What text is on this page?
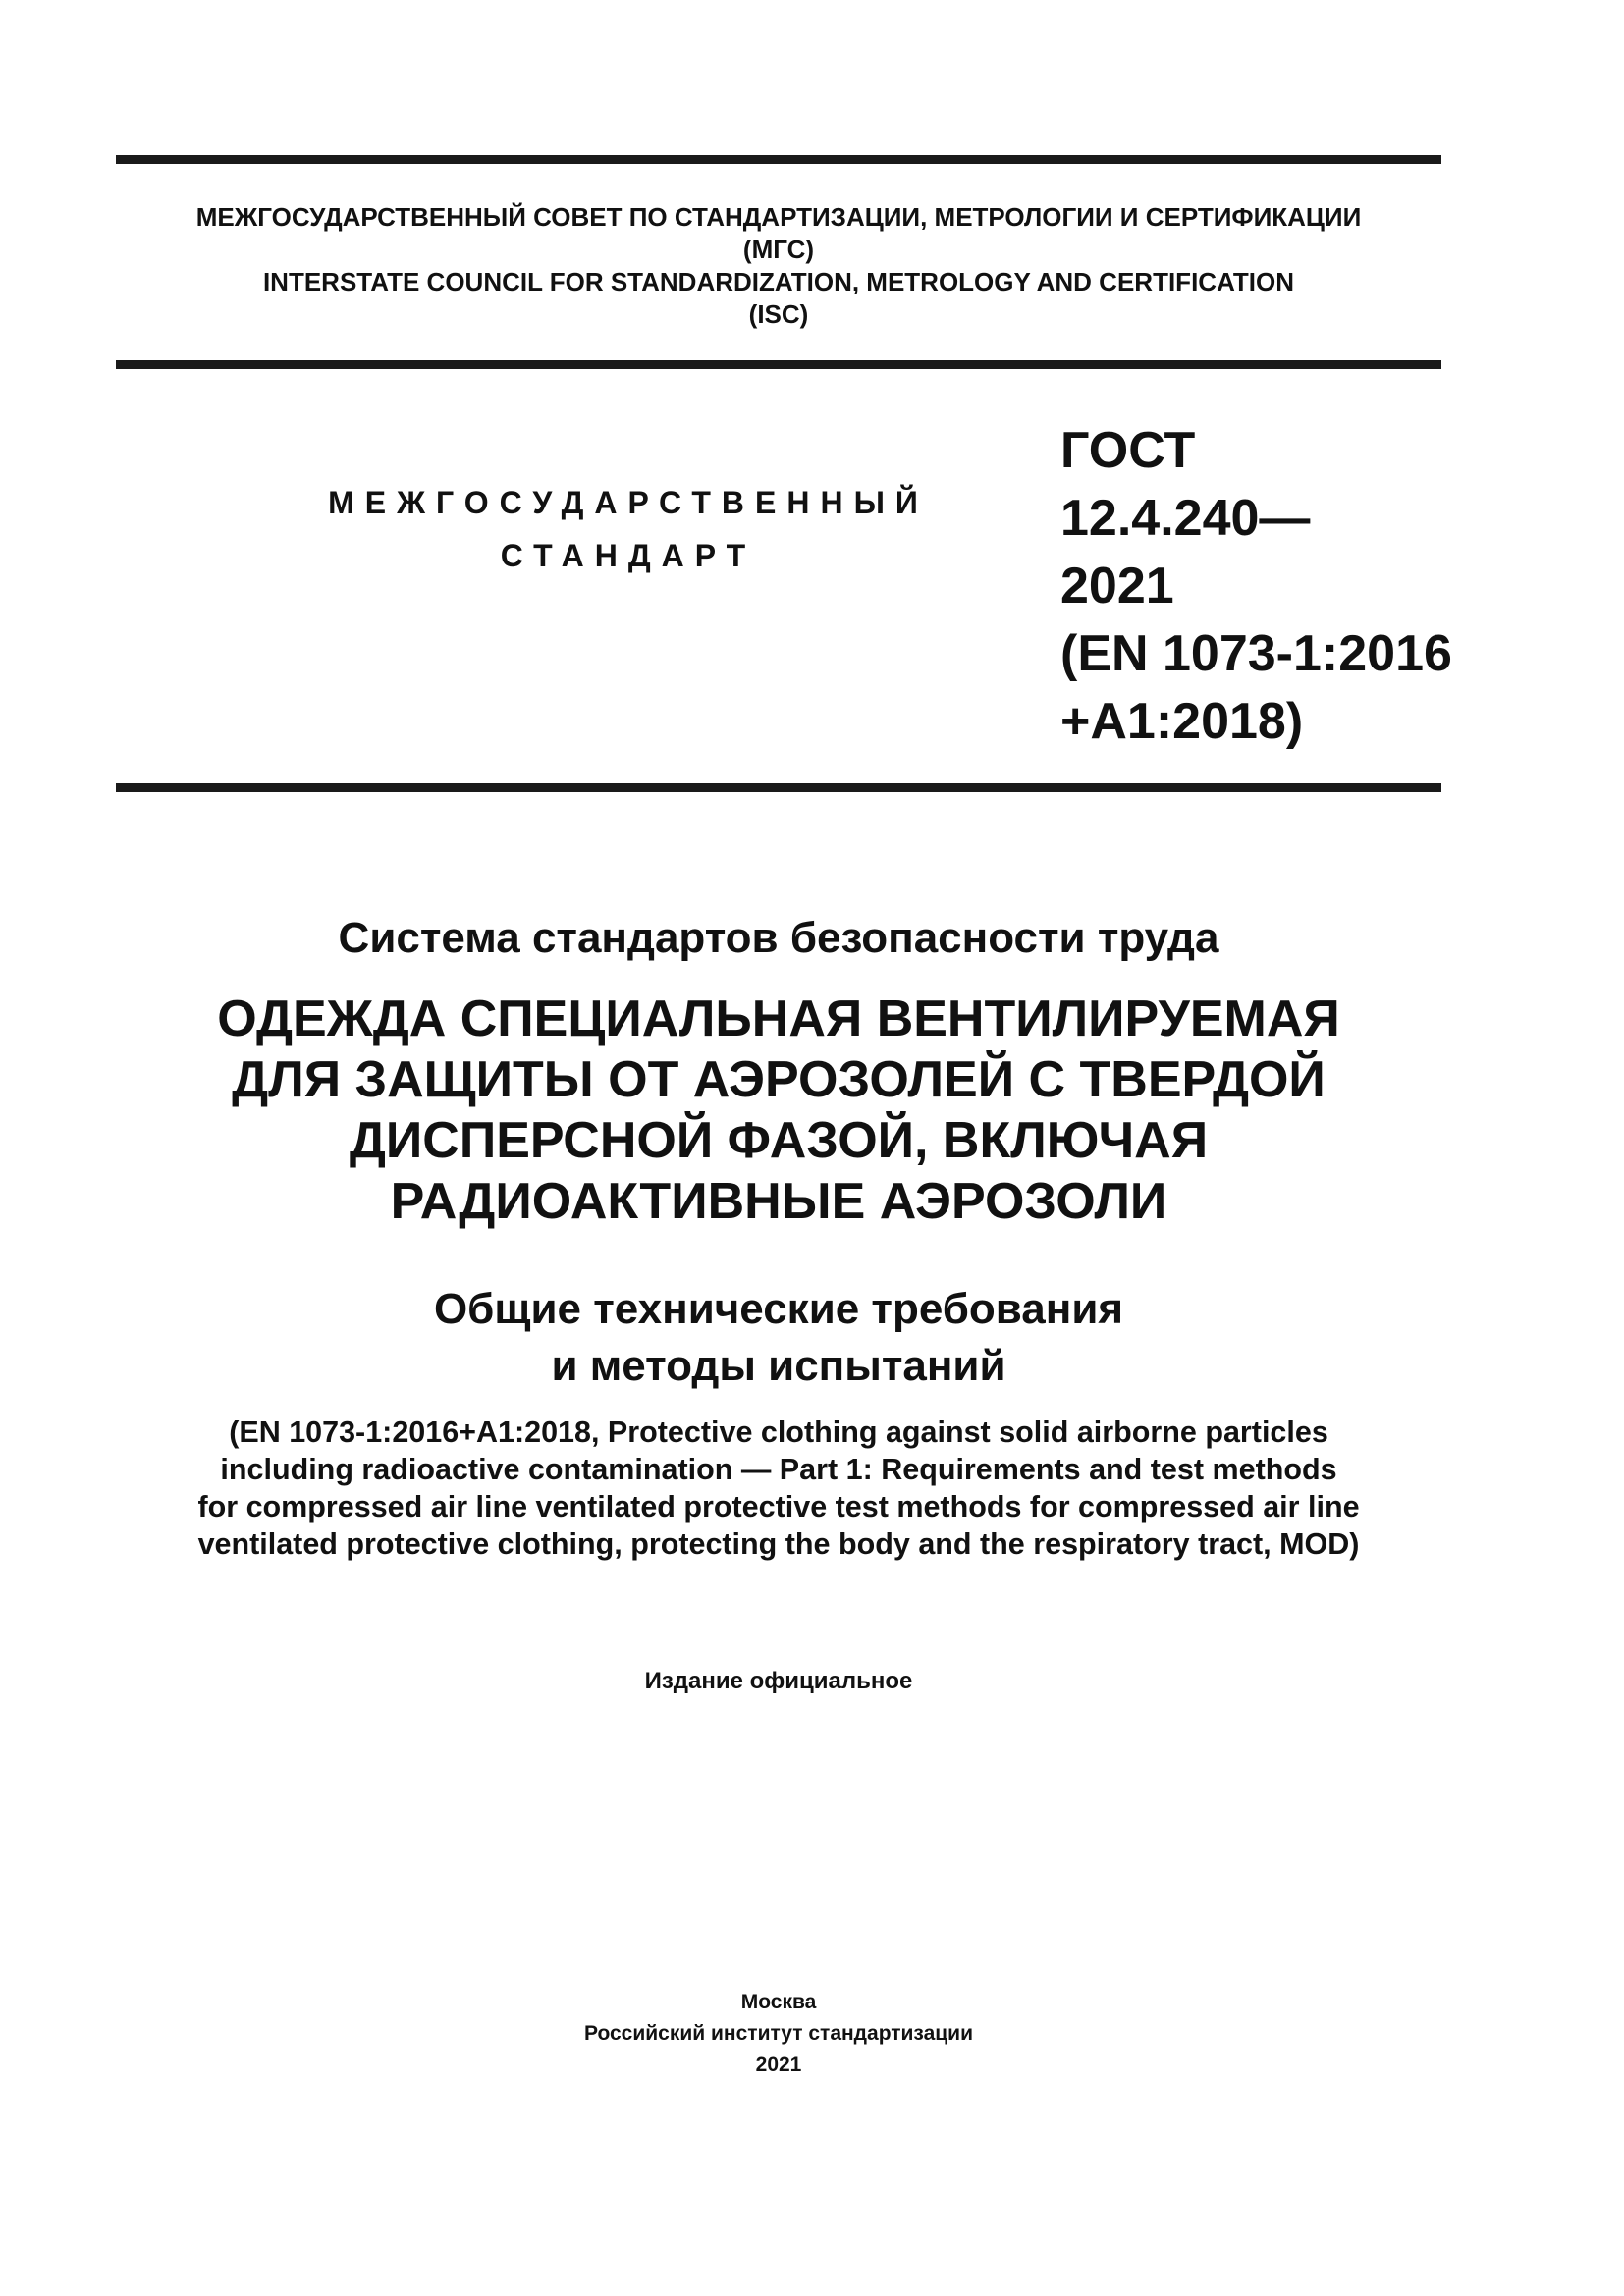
МЕЖГОСУДАРСТВЕННЫЙ СОВЕТ ПО СТАНДАРТИЗАЦИИ, МЕТРОЛОГИИ И СЕРТИФИКАЦИИ

(МГС)

INTERSTATE COUNCIL FOR STANDARDIZATION, METROLOGY AND CERTIFICATION

(ISC)

МЕЖГОСУДАРСТВЕННЫЙ

СТАНДАРТ

ГОСТ

12.4.240—

2021

(EN 1073-1:2016

+A1:2018)

Система стандартов безопасности труда

ОДЕЖДА СПЕЦИАЛЬНАЯ ВЕНТИЛИРУЕМАЯ

ДЛЯ ЗАЩИТЫ ОТ АЭРОЗОЛЕЙ С ТВЕРДОЙ

ДИСПЕРСНОЙ ФАЗОЙ, ВКЛЮЧАЯ

РАДИОАКТИВНЫЕ АЭРОЗОЛИ

Общие технические требования

и методы испытаний

(EN 1073-1:2016+A1:2018, Protective clothing against solid airborne particles

including radioactive contamination — Part 1: Requirements and test methods

for compressed air line ventilated protective test methods for compressed air line

ventilated protective clothing, protecting the body and the respiratory tract, MOD)

Издание официальное

Москва

Российский институт стандартизации

2021
